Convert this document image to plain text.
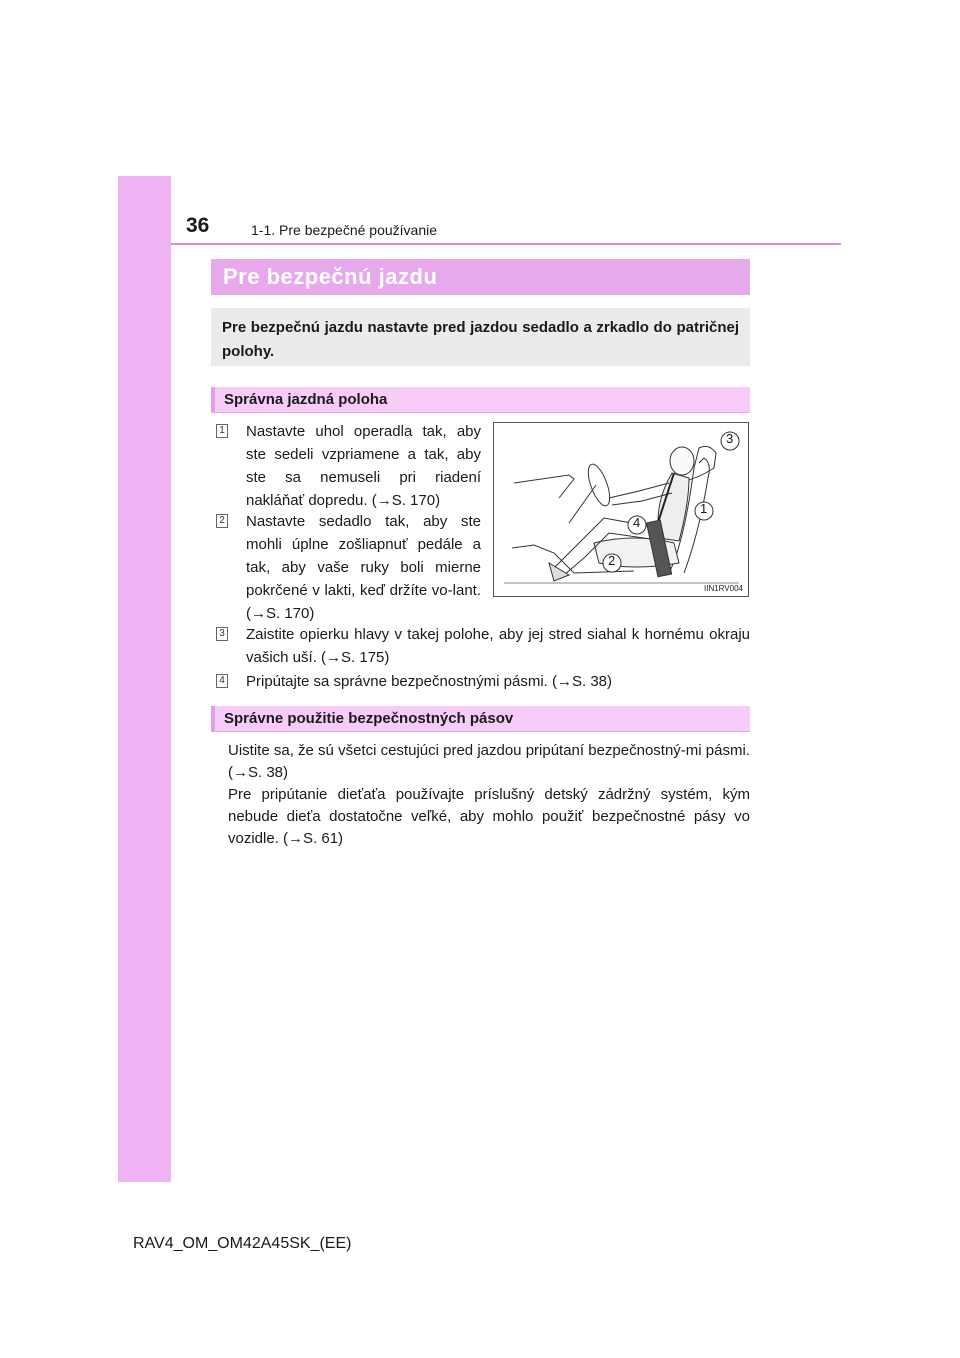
36	1-1. Pre bezpečné používanie
Pre bezpečnú jazdu

Pre bezpečnú jazdu nastavte pred jazdou sedadlo a zrkadlo do patričnej polohy.

Správna jazdná poloha
1 Nastavte uhol operadla tak, aby ste sedeli vzpriamene a tak, aby ste sa nemuseli pri riadení nakláňať dopredu. (→S. 170)
2 Nastavte sedadlo tak, aby ste mohli úplne zošliapnuť pedále a tak, aby vaše ruky boli mierne pokrčené v lakti, keď držíte vo-lant. (→S. 170)
3
1
4
2
IIN1RV004
3 Zaistite opierku hlavy v takej polohe, aby jej stred siahal k hornému okraju vašich uší. (→S. 175)
4 Pripútajte sa správne bezpečnostnými pásmi. (→S. 38)
Správne použitie bezpečnostných pásov

Uistite sa, že sú všetci cestujúci pred jazdou pripútaní bezpečnostný-mi pásmi. (→S. 38)

Pre pripútanie dieťaťa používajte príslušný detský zádržný systém, kým nebude dieťa dostatočne veľké, aby mohlo použiť bezpečnostné pásy vo vozidle. (→S. 61)

RAV4_OM_OM42A45SK_(EE)
